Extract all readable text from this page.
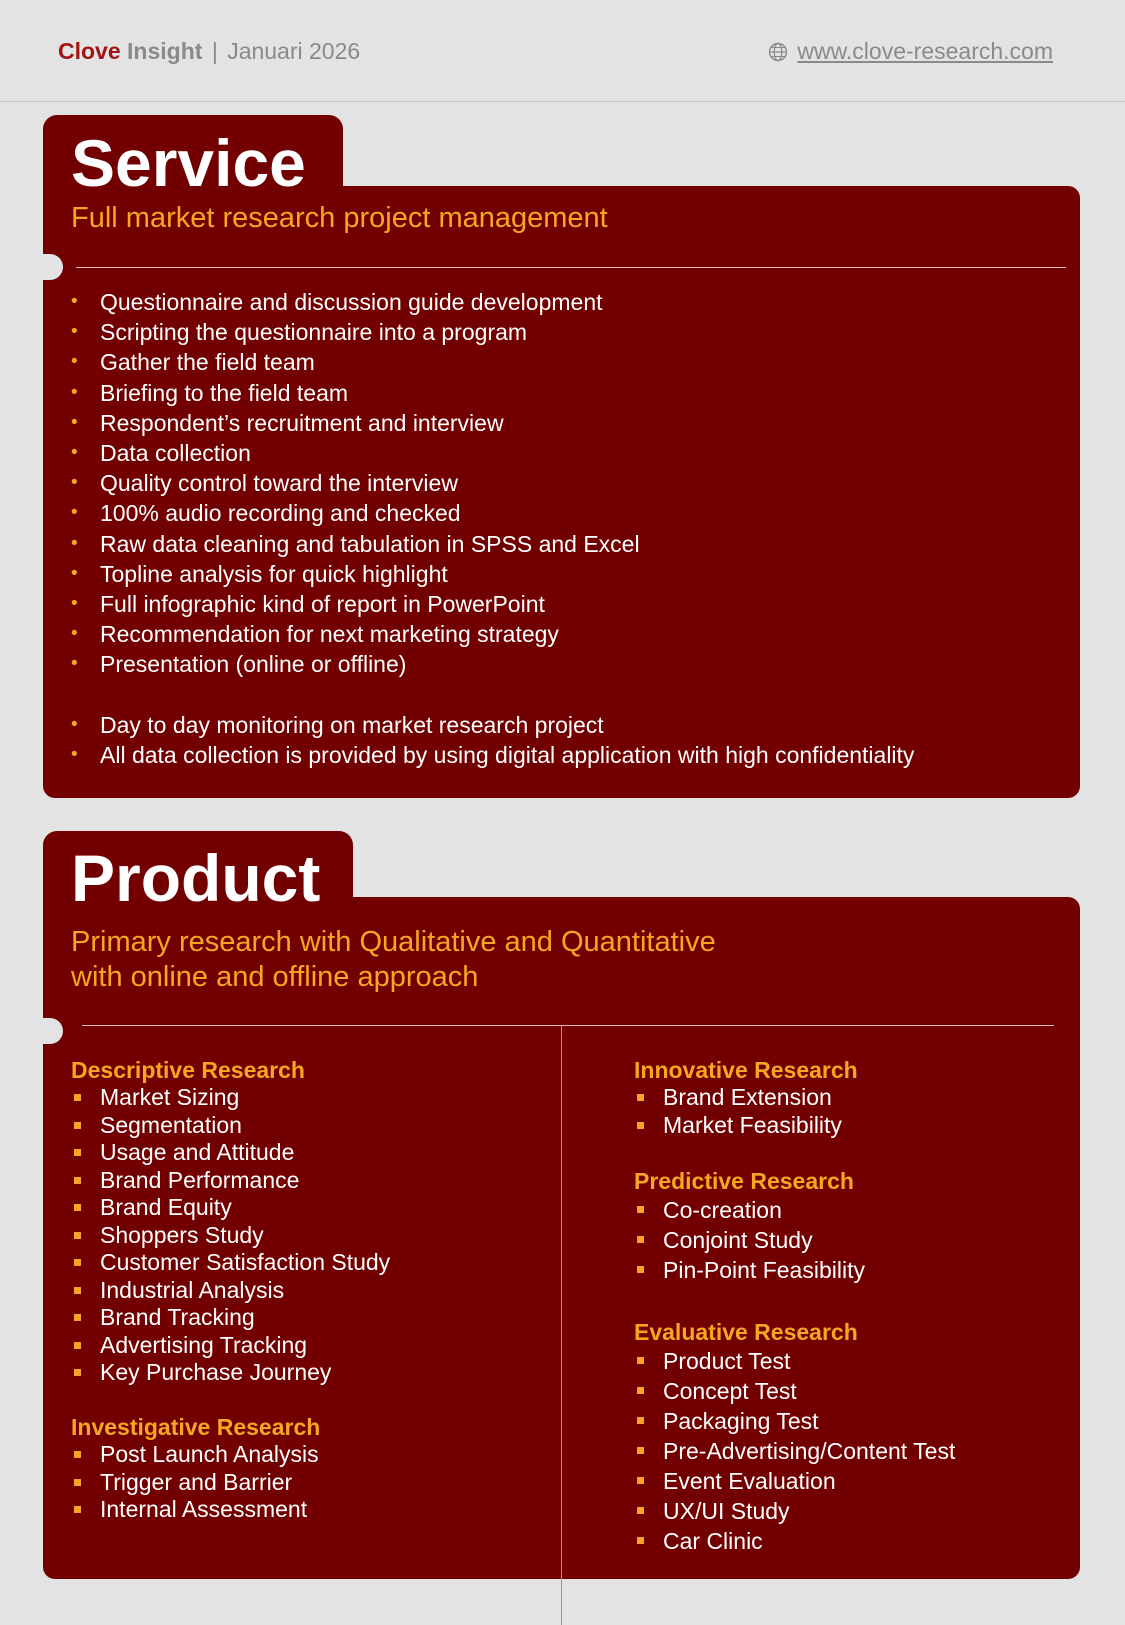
Clove Insight | Januari 2026	www.clove-research.com
Service
Full market research project management
• Questionnaire and discussion guide development
• Scripting the questionnaire into a program
• Gather the field team
• Briefing to the field team
• Respondent’s recruitment and interview
• Data collection
• Quality control toward the interview
• 100% audio recording and checked
• Raw data cleaning and tabulation in SPSS and Excel
• Topline analysis for quick highlight
• Full infographic kind of report in PowerPoint
• Recommendation for next marketing strategy
• Presentation (online or offline)
• Day to day monitoring on market research project
• All data collection is provided by using digital application with high confidentiality
Product
Primary research with Qualitative and Quantitative
with online and offline approach
Descriptive Research
Market Sizing
Segmentation
Usage and Attitude
Brand Performance
Brand Equity
Shoppers Study
Customer Satisfaction Study
Industrial Analysis
Brand Tracking
Advertising Tracking
Key Purchase Journey
Investigative Research
Post Launch Analysis
Trigger and Barrier
Internal Assessment
Innovative Research
Brand Extension
Market Feasibility
Predictive Research
Co-creation
Conjoint Study
Pin-Point Feasibility
Evaluative Research
Product Test
Concept Test
Packaging Test
Pre-Advertising/Content Test
Event Evaluation
UX/UI Study
Car Clinic
